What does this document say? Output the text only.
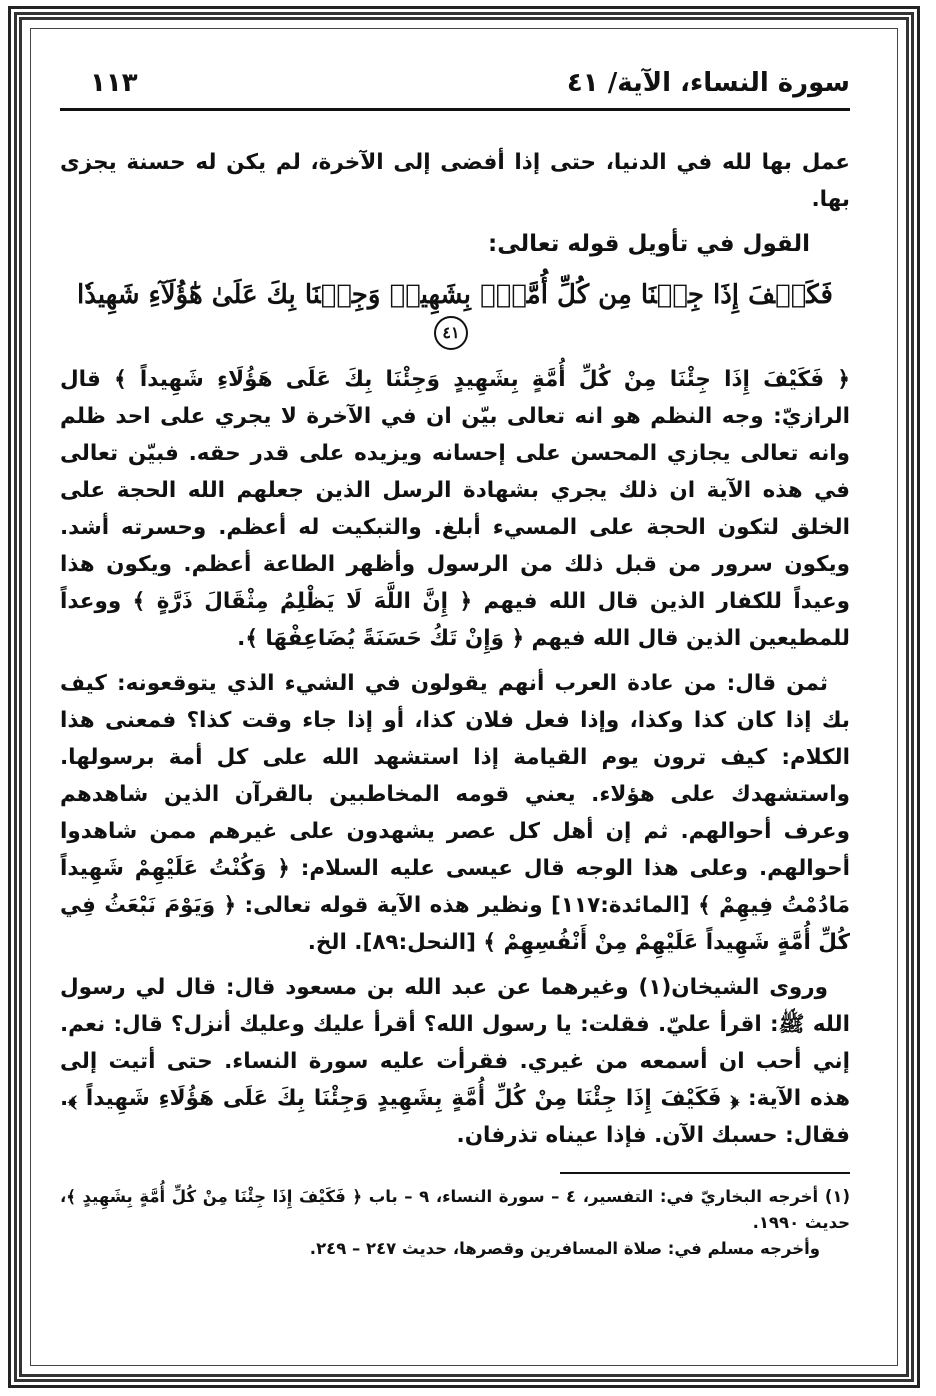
سورة النساء، الآية/ ٤١
١١٣

عمل بها لله في الدنيا، حتى إذا أفضى إلى الآخرة، لم يكن له حسنة يجزى بها.

القول في تأويل قوله تعالى:

فَكَيۡفَ إِذَا جِئۡنَا مِن كُلِّ أُمَّةِۭ بِشَهِيدٖ وَجِئۡنَا بِكَ عَلَىٰ هَٰٓؤُلَآءِ شَهِيدٗا ٤١

﴿ فَكَيْفَ إِذَا جِئْنَا مِنْ كُلِّ أُمَّةٍ بِشَهِيدٍ وَجِئْنَا بِكَ عَلَى هَؤُلَاءِ شَهِيداً ﴾ قال الرازيّ: وجه النظم هو انه تعالى بيّن ان في الآخرة لا يجري على احد ظلم وانه تعالى يجازي المحسن على إحسانه ويزيده على قدر حقه. فبيّن تعالى في هذه الآية ان ذلك يجري بشهادة الرسل الذين جعلهم الله الحجة على الخلق لتكون الحجة على المسيء أبلغ. والتبكيت له أعظم. وحسرته أشد. ويكون سرور من قبل ذلك من الرسول وأظهر الطاعة أعظم. ويكون هذا وعيداً للكفار الذين قال الله فيهم ﴿ إِنَّ اللَّهَ لَا يَظْلِمُ مِثْقَالَ ذَرَّةٍ ﴾ ووعداً للمطيعين الذين قال الله فيهم ﴿ وَإِنْ تَكُ حَسَنَةً يُضَاعِفْهَا ﴾.

ثمن قال: من عادة العرب أنهم يقولون في الشيء الذي يتوقعونه: كيف بك إذا كان كذا وكذا، وإذا فعل فلان كذا، أو إذا جاء وقت كذا؟ فمعنى هذا الكلام: كيف ترون يوم القيامة إذا استشهد الله على كل أمة برسولها. واستشهدك على هؤلاء. يعني قومه المخاطبين بالقرآن الذين شاهدهم وعرف أحوالهم. ثم إن أهل كل عصر يشهدون على غيرهم ممن شاهدوا أحوالهم. وعلى هذا الوجه قال عيسى عليه السلام: ﴿ وَكُنْتُ عَلَيْهِمْ شَهِيداً مَادُمْتُ فِيهِمْ ﴾ [المائدة:١١٧] ونظير هذه الآية قوله تعالى: ﴿ وَيَوْمَ نَبْعَثُ فِي كُلِّ أُمَّةٍ شَهِيداً عَلَيْهِمْ مِنْ أَنْفُسِهِمْ ﴾ [النحل:٨٩]. الخ.

وروى الشيخان(١) وغيرهما عن عبد الله بن مسعود قال: قال لي رسول الله ﷺ: اقرأ عليّ. فقلت: يا رسول الله؟ أقرأ عليك وعليك أنزل؟ قال: نعم. إني أحب ان أسمعه من غيري. فقرأت عليه سورة النساء. حتى أتيت إلى هذه الآية: ﴿ فَكَيْفَ إِذَا جِئْنَا مِنْ كُلِّ أُمَّةٍ بِشَهِيدٍ وَجِئْنَا بِكَ عَلَى هَؤُلَاءِ شَهِيداً ﴾. فقال: حسبك الآن. فإذا عيناه تذرفان.

(١) أخرجه البخاريّ في: التفسير، ٤ – سورة النساء، ٩ – باب ﴿ فَكَيْفَ إِذَا جِئْنَا مِنْ كُلِّ أُمَّةٍ بِشَهِيدٍ ﴾، حديث ١٩٩٠.

وأخرجه مسلم في: صلاة المسافرين وقصرها، حديث ٢٤٧ – ٢٤٩.
